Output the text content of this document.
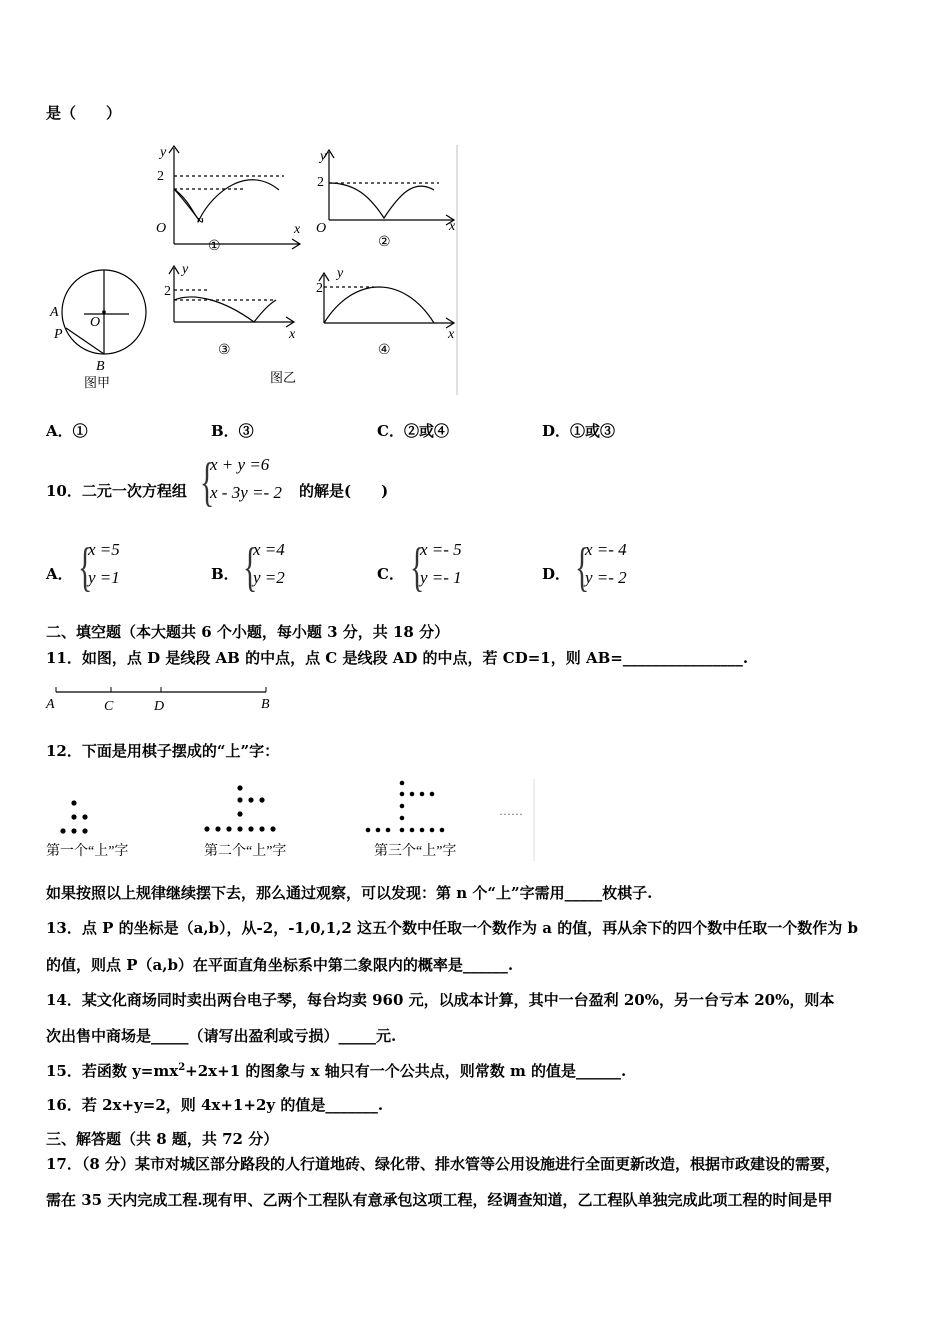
是（　　）
y
2
O	x
①
y
2
O	x
②
A
P
B
O
图甲
y
2
x
③
y
2
x
④
图乙
A．①	B．③	C．②或④	D．①或③
10．二元一次方程组 {
x + y =6
x - 3y =- 2 的解是(　　)
A． {
x =5
y =1	B． {
x =4
y =2	C． {
x =- 5
y =- 1	D． {
x =- 4
y =- 2
二、填空题（本大题共 6 个小题，每小题 3 分，共 18 分）
11．如图，点 D 是线段 AB 的中点，点 C 是线段 AD 的中点，若 CD=1，则 AB=________________.
A	C	D	B
12．下面是用棋子摆成的“上”字：
……
第一个“上”字	第二个“上”字	第三个“上”字
如果按照以上规律继续摆下去，那么通过观察，可以发现：第 n 个“上”字需用_____枚棋子.
13．点 P 的坐标是（a,b），从-2，-1,0,1,2 这五个数中任取一个数作为 a 的值，再从余下的四个数中任取一个数作为 b
的值，则点 P（a,b）在平面直角坐标系中第二象限内的概率是______.
14．某文化商场同时卖出两台电子琴，每台均卖 960 元，以成本计算，其中一台盈利 20%，另一台亏本 20%，则本
次出售中商场是_____（请写出盈利或亏损）_____元.
15．若函数 $y=mx^2+2x+1$ 的图象与 x 轴只有一个公共点，则常数 m 的值是______.
16．若 2x+y=2，则 4x+1+2y 的值是_______.
三、解答题（共 8 题，共 72 分）
17．（8 分）某市对城区部分路段的人行道地砖、绿化带、排水管等公用设施进行全面更新改造，根据市政建设的需要，
需在 35 天内完成工程.现有甲、乙两个工程队有意承包这项工程，经调查知道，乙工程队单独完成此项工程的时间是甲
